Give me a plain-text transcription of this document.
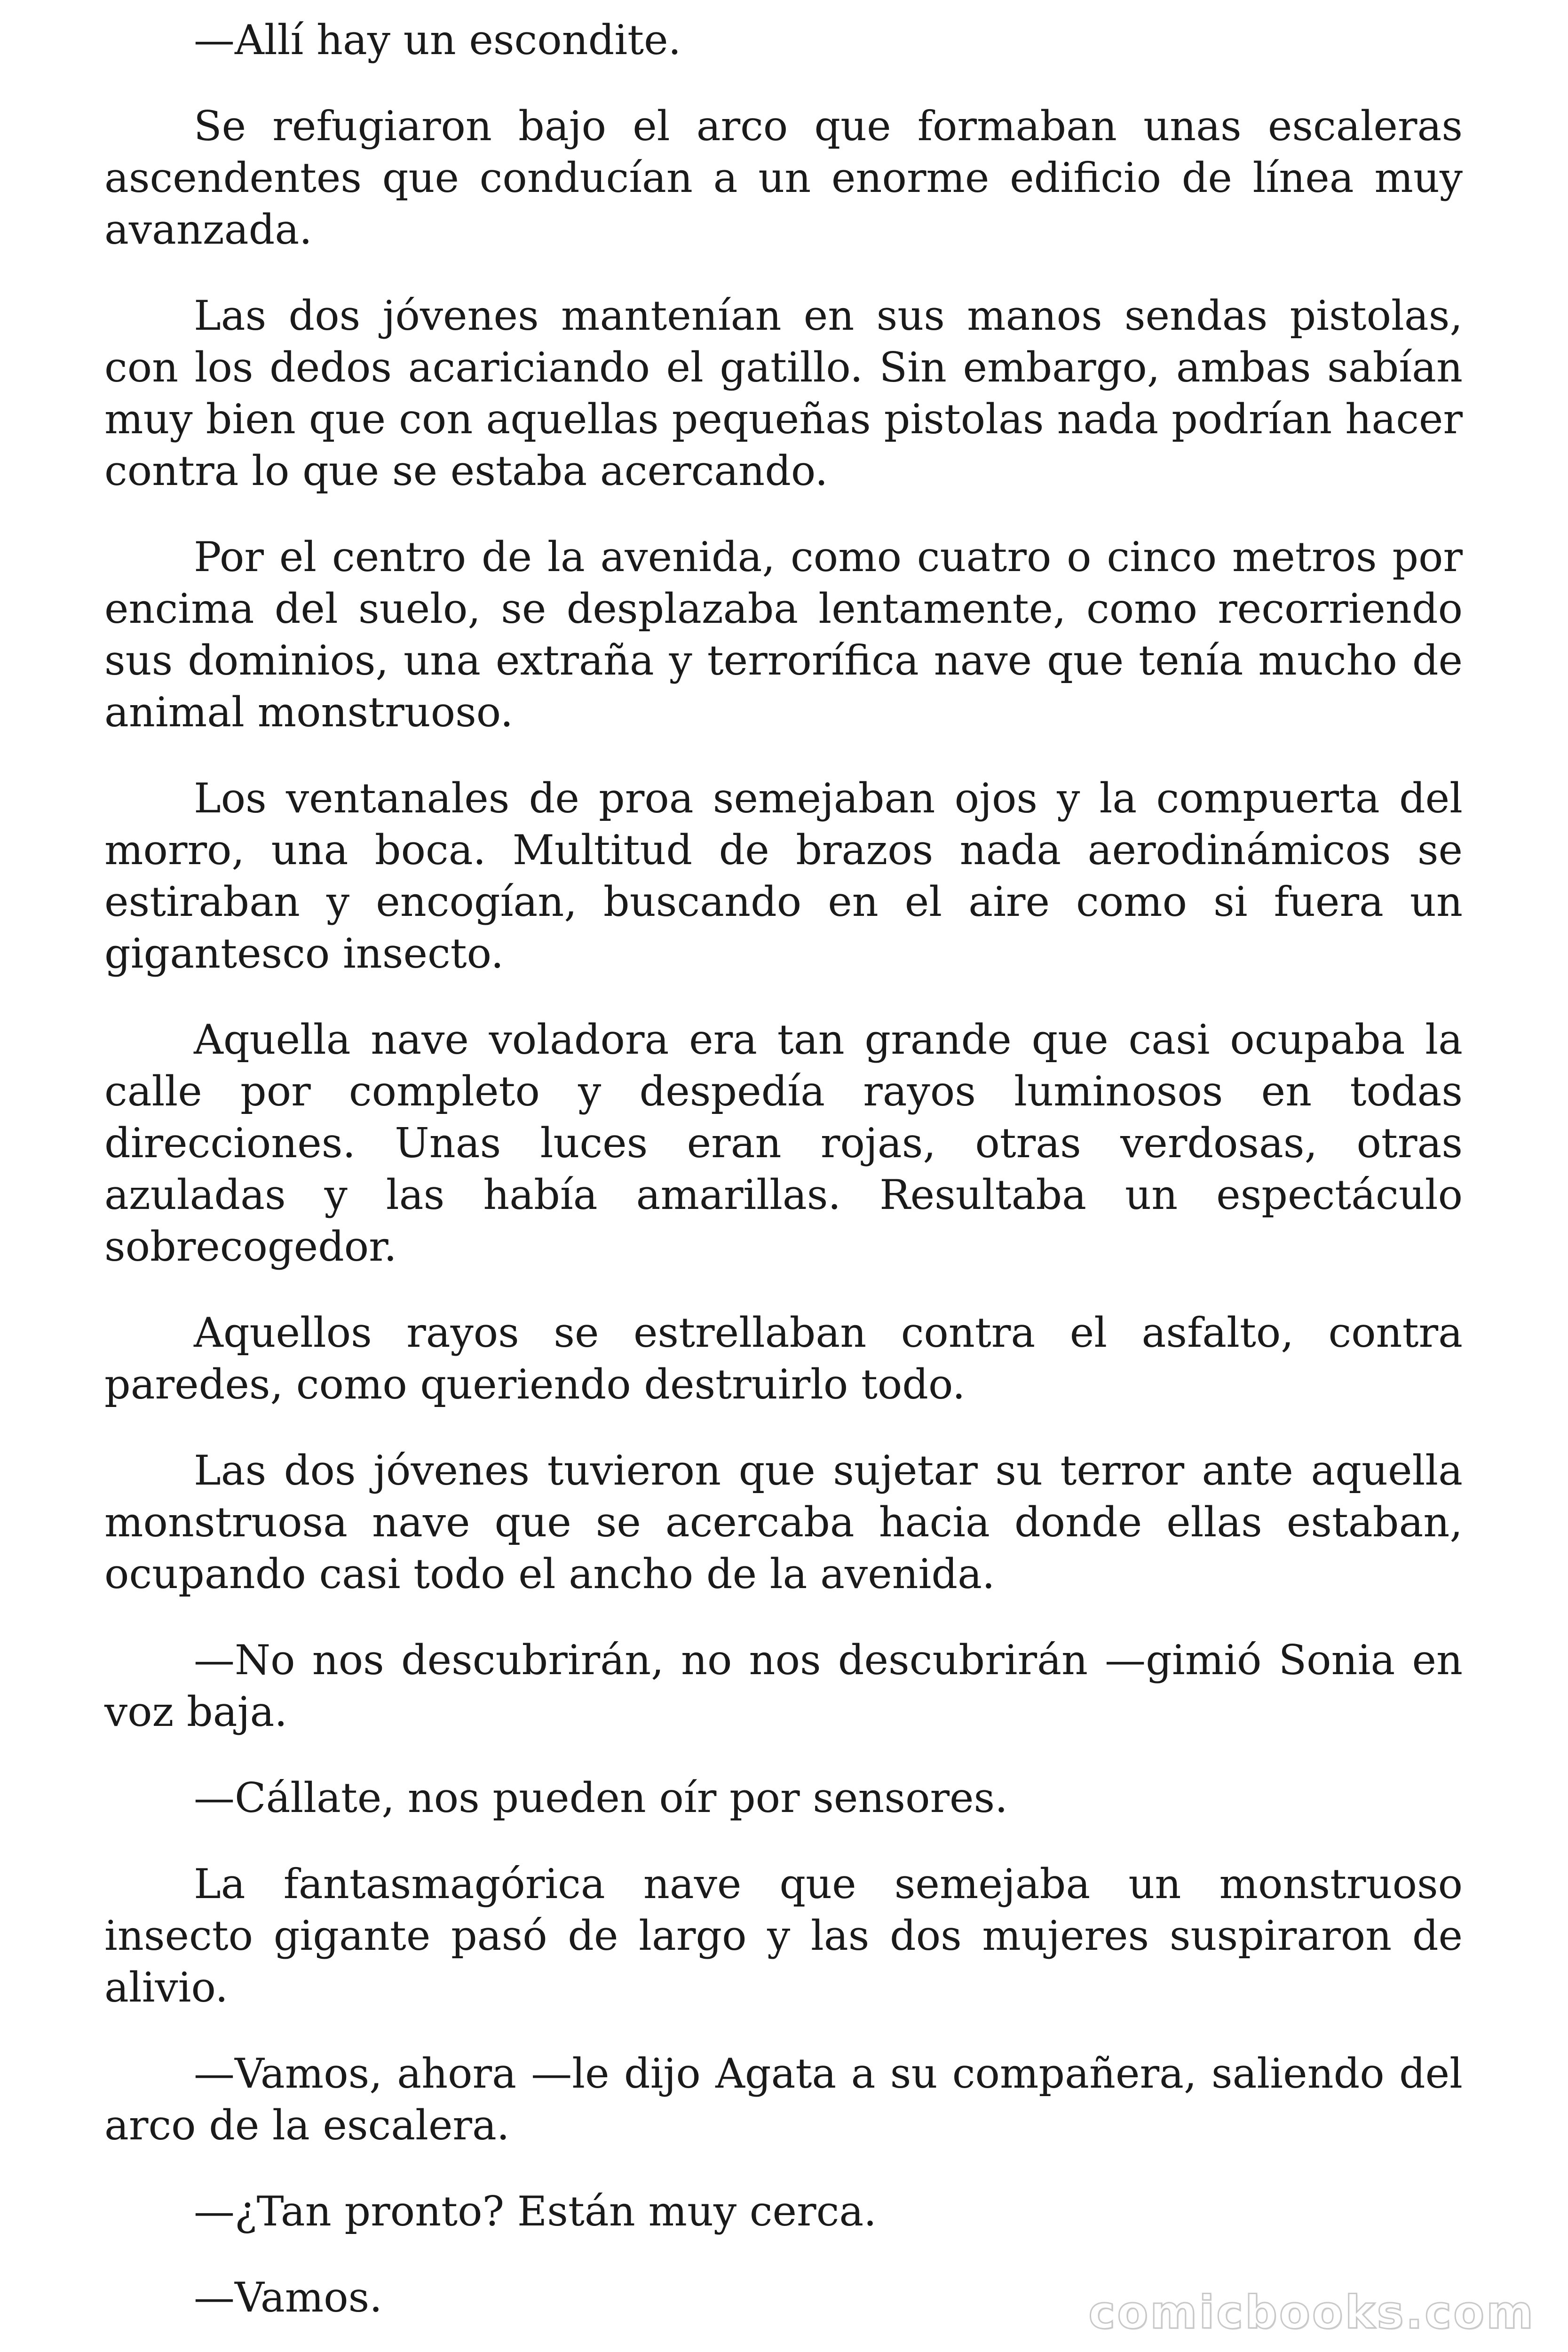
—Allí hay un escondite.

Se refugiaron bajo el arco que formaban unas escaleras ascendentes que conducían a un enorme edificio de línea muy avanzada.

Las dos jóvenes mantenían en sus manos sendas pistolas, con los dedos acariciando el gatillo. Sin embargo, ambas sabían muy bien que con aquellas pequeñas pistolas nada podrían hacer contra lo que se estaba acercando.

Por el centro de la avenida, como cuatro o cinco metros por encima del suelo, se desplazaba lentamente, como recorriendo sus dominios, una extraña y terrorífica nave que tenía mucho de animal monstruoso.

Los ventanales de proa semejaban ojos y la compuerta del morro, una boca. Multitud de brazos nada aerodinámicos se estiraban y encogían, buscando en el aire como si fuera un gigantesco insecto.

Aquella nave voladora era tan grande que casi ocupaba la calle por completo y despedía rayos luminosos en todas direcciones. Unas luces eran rojas, otras verdosas, otras azuladas y las había amarillas. Resultaba un espectáculo sobrecogedor.

Aquellos rayos se estrellaban contra el asfalto, contra paredes, como queriendo destruirlo todo.

Las dos jóvenes tuvieron que sujetar su terror ante aquella monstruosa nave que se acercaba hacia donde ellas estaban, ocupando casi todo el ancho de la avenida.

—No nos descubrirán, no nos descubrirán —gimió Sonia en voz baja.

—Cállate, nos pueden oír por sensores.

La fantasmagórica nave que semejaba un monstruoso insecto gigante pasó de largo y las dos mujeres suspiraron de alivio.

—Vamos, ahora —le dijo Agata a su compañera, saliendo del arco de la escalera.

—¿Tan pronto? Están muy cerca.

—Vamos.	comicbooks.com
